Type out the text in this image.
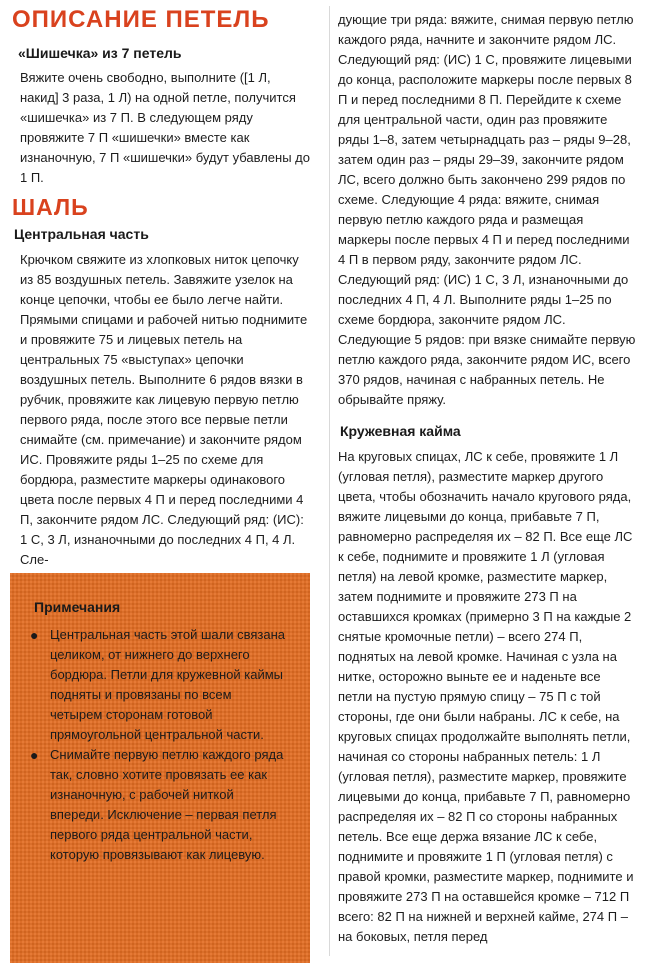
ОПИСАНИЕ ПЕТЕЛЬ
«Шишечка» из 7 петель

Вяжите очень свободно, выполните ([1 Л, накид] 3 раза, 1 Л) на одной петле, получится «шишечка» из 7 П. В следующем ряду провяжите 7 П «шишечки» вместе как изнаночную, 7 П «шишечки» будут убавлены до 1 П.

ШАЛЬ
Центральная часть

Крючком свяжите из хлопковых ниток цепочку из 85 воздушных петель. Завяжите узелок на конце цепочки, чтобы ее было легче найти. Прямыми спицами и рабочей нитью поднимите и провяжите 75 и лицевых петель на центральных 75 «выступах» цепочки воздушных петель. Выполните 6 рядов вязки в рубчик, провяжите как лицевую первую петлю первого ряда, после этого все первые петли снимайте (см. примечание) и закончите рядом ИС. Провяжите ряды 1–25 по схеме для бордюра, разместите маркеры одинакового цвета после первых 4 П и перед последними 4 П, закончите рядом ЛС. Следующий ряд: (ИС): 1 С, 3 Л, изнаночными до последних 4 П, 4 Л. Сле-

Примечания
● Центральная часть этой шали связана целиком, от нижнего до верхнего бордюра. Петли для кружевной каймы подняты и провязаны по всем четырем сторонам готовой прямоугольной центральной части.
● Снимайте первую петлю каждого ряда так, словно хотите провязать ее как изнаночную, с рабочей ниткой впереди. Исключение – первая петля первого ряда центральной части, которую провязывают как лицевую.

дующие три ряда: вяжите, снимая первую петлю каждого ряда, начните и закончите рядом ЛС. Следующий ряд: (ИС) 1 С, провяжите лицевыми до конца, расположите маркеры после первых 8 П и перед последними 8 П. Перейдите к схеме для центральной части, один раз провяжите ряды 1–8, затем четырнадцать раз – ряды 9–28, затем один раз – ряды 29–39, закончите рядом ЛС, всего должно быть закончено 299 рядов по схеме. Следующие 4 ряда: вяжите, снимая первую петлю каждого ряда и размещая маркеры после первых 4 П и перед последними 4 П в первом ряду, закончите рядом ЛС. Следующий ряд: (ИС) 1 С, 3 Л, изнаночными до последних 4 П, 4 Л. Выполните ряды 1–25 по схеме бордюра, закончите рядом ЛС. Следующие 5 рядов: при вязке снимайте первую петлю каждого ряда, закончите рядом ИС, всего 370 рядов, начиная с набранных петель. Не обрывайте пряжу.

Кружевная кайма

На круговых спицах, ЛС к себе, провяжите 1 Л (угловая петля), разместите маркер другого цвета, чтобы обозначить начало кругового ряда, вяжите лицевыми до конца, прибавьте 7 П, равномерно распределяя их – 82 П. Все еще ЛС к себе, поднимите и провяжите 1 Л (угловая петля) на левой кромке, разместите маркер, затем поднимите и провяжите 273 П на оставшихся кромках (примерно 3 П на каждые 2 снятые кромочные петли) – всего 274 П, поднятых на левой кромке. Начиная с узла на нитке, осторожно выньте ее и наденьте все петли на пустую прямую спицу – 75 П с той стороны, где они были набраны. ЛС к себе, на круговых спицах продолжайте выполнять петли, начиная со стороны набранных петель: 1 Л (угловая петля), разместите маркер, провяжите лицевыми до конца, прибавьте 7 П, равномерно распределяя их – 82 П со стороны набранных петель. Все еще держа вязание ЛС к себе, поднимите и провяжите 1 П (угловая петля) с правой кромки, разместите маркер, поднимите и провяжите 273 П на оставшейся кромке – 712 П всего: 82 П на нижней и верхней кайме, 274 П – на боковых, петля перед
